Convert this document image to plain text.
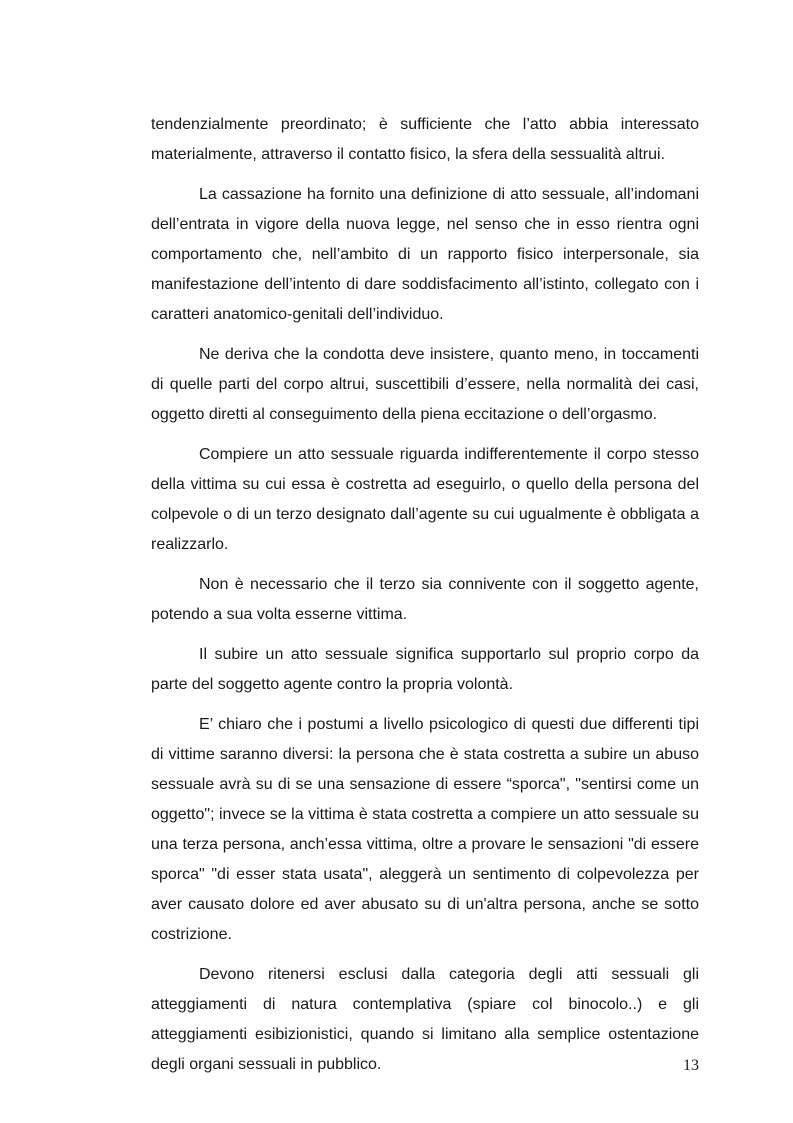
tendenzialmente preordinato; è sufficiente che l’atto abbia interessato materialmente, attraverso il contatto fisico, la sfera della sessualità altrui.

La cassazione ha fornito una definizione di atto sessuale, all’indomani dell’entrata in vigore della nuova legge, nel senso che in esso rientra ogni comportamento che, nell’ambito di un rapporto fisico interpersonale, sia manifestazione dell’intento di dare soddisfacimento all’istinto, collegato con i caratteri anatomico-genitali dell’individuo.

Ne deriva che la condotta deve insistere, quanto meno, in toccamenti di quelle parti del corpo altrui, suscettibili d’essere, nella normalità dei casi, oggetto diretti al conseguimento della piena eccitazione o dell’orgasmo.

Compiere un atto sessuale riguarda indifferentemente il corpo stesso della vittima su cui essa è costretta ad eseguirlo, o quello della persona del colpevole o di un terzo designato dall’agente su cui ugualmente è obbligata a realizzarlo.

Non è necessario che il terzo sia connivente con il soggetto agente, potendo a sua volta esserne vittima.

Il subire un atto sessuale significa supportarlo sul proprio corpo da parte del soggetto agente contro la propria volontà.

E’ chiaro che i postumi a livello psicologico di questi due differenti tipi di vittime saranno diversi: la persona che è stata costretta a subire un abuso sessuale avrà su di se una sensazione di essere “sporca", "sentirsi come un oggetto"; invece se la vittima è stata costretta a compiere un atto sessuale su una terza persona, anch’essa vittima, oltre a provare le sensazioni "di essere sporca" "di esser stata usata", aleggerà un sentimento di colpevolezza per aver causato dolore ed aver abusato su di un'altra persona, anche se sotto costrizione.

Devono ritenersi esclusi dalla categoria degli atti sessuali gli atteggiamenti di natura contemplativa (spiare col binocolo..) e gli atteggiamenti esibizionistici, quando si limitano alla semplice ostentazione degli organi sessuali in pubblico.	13
